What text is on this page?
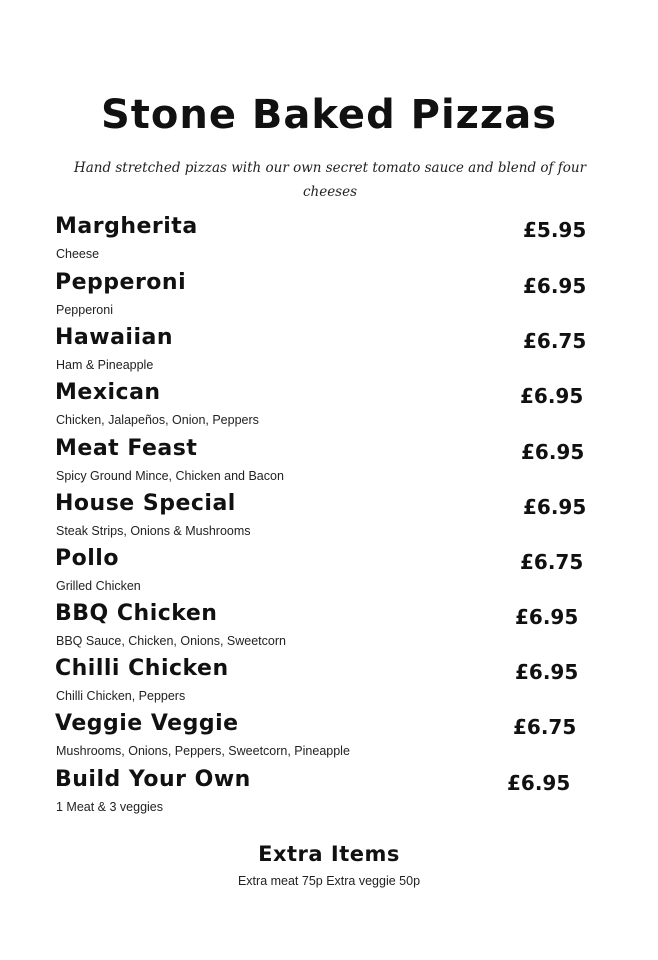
Stone Baked Pizzas
Hand stretched pizzas with our own secret tomato sauce and blend of four cheeses
Margherita
Cheese
£5.95
Pepperoni
Pepperoni
£6.95
Hawaiian
Ham & Pineapple
£6.75
Mexican
Chicken, Jalapeños, Onion, Peppers
£6.95
Meat Feast
Spicy Ground Mince, Chicken and Bacon
£6.95
House Special
Steak Strips, Onions & Mushrooms
£6.95
Pollo
Grilled Chicken
£6.75
BBQ Chicken
BBQ Sauce, Chicken, Onions, Sweetcorn
£6.95
Chilli Chicken
Chilli Chicken, Peppers
£6.95
Veggie Veggie
Mushrooms, Onions, Peppers, Sweetcorn, Pineapple
£6.75
Build Your Own
1 Meat & 3 veggies
£6.95
Extra Items
Extra meat 75p Extra veggie 50p
